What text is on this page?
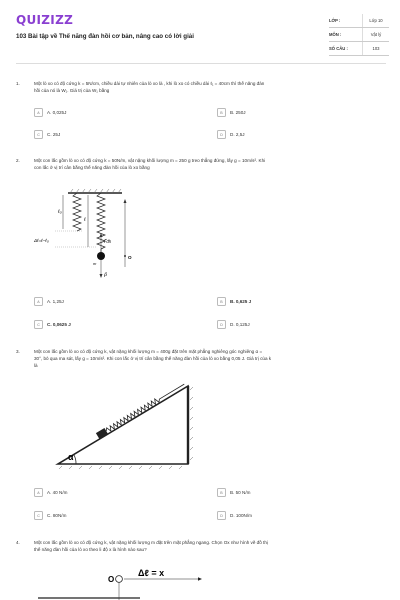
QUIZIZZ
103 Bài tập về Thế năng đàn hồi cơ bản, nâng cao có lời giải
LỚP :	Lớp 10
MÔN :	Vật lý
SỐ CÂU :	103
1.	Một lò xo có độ cứng k = 5N/cm, chiều dài tự nhiên của lò xo là , khi lò xo có chiều dài ℓ₁ = 40cm thì thế năng đàn
hồi của nó là W₁. Giá trị của W₁ bằng
A	A. 0,025J	B	B. 250J
C	C. 25J	D	D. 2,5J
2.	Một con lắc gồm lò xo có độ cứng k = 50N/m, vật nặng khối lượng m = 250 g treo thẳng đứng, lấy g = 10m/s². Khi
con lắc ở vị trí cân bằng thế năng đàn hồi của lò xo bằng
ℓ₀
ℓ
Δℓ=ℓ−ℓ₀	F⃗đh
m
O
P⃗
A	A. 1,25J	B	B. 0,625 J
C	C. 0,0625 J	D	D. 0,125J
3.	Một con lắc gồm lò xo có độ cứng k, vật nặng khối lượng m = 400g đặt trên mặt phẳng nghiêng góc nghiêng α =
30°, bỏ qua ma sát, lấy g = 10m/s². Khi con lắc ở vị trí cân bằng thế năng đàn hồi của lò xo bằng 0,05 J. Giá trị của k
là
α
A	A. 40 N/m	B	B. 50 N/m
C	C. 80N/m	D	D. 100N/m
4.	Một con lắc gồm lò xo có độ cứng k, vật nặng khối lượng m đặt trên mặt phẳng ngang. Chọn Ox như hình vẽ đồ thị
thế năng đàn hồi của lò xo theo li độ x là hình nào sau?
O
Δℓ = x
